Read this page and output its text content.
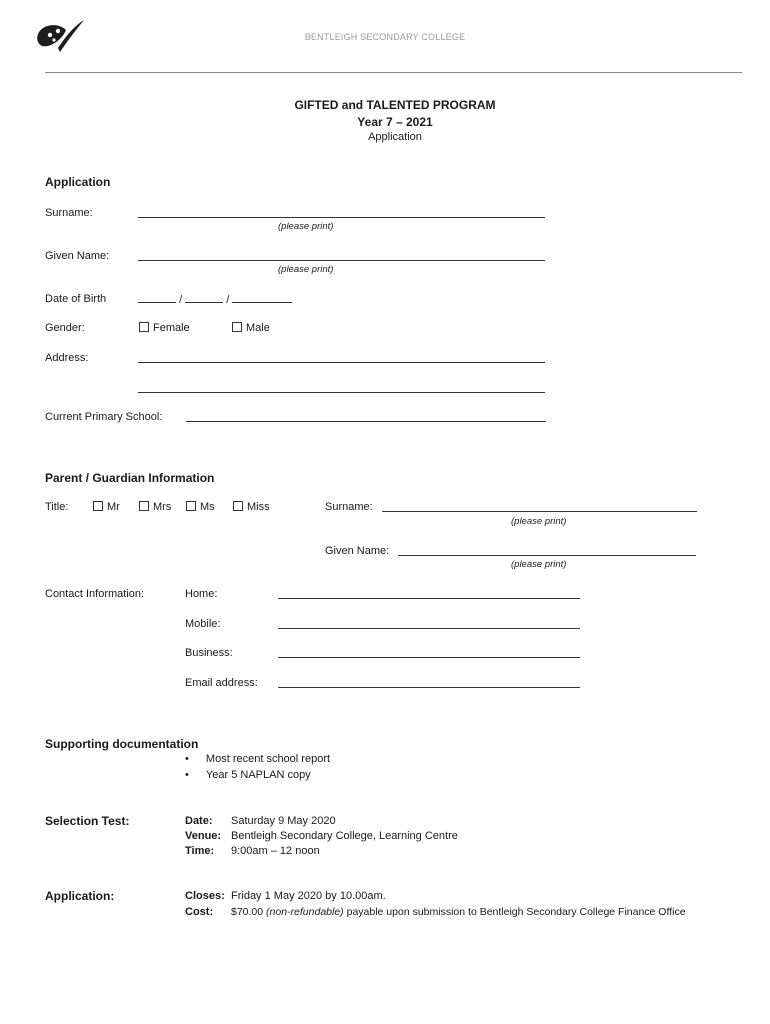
BENTLEIGH SECONDARY COLLEGE
GIFTED and TALENTED PROGRAM
Year 7 – 2021
Application
Application
Surname:
(please print)
Given Name:
(please print)
Date of Birth	/	/
Gender:	Female	Male
Address:
Current Primary School:
Parent / Guardian Information
Title:	Mr	Mrs	Ms	Miss	Surname:
(please print)
Given Name:
(please print)
Contact Information:	Home:
Mobile:
Business:
Email address:
Supporting documentation
• Most recent school report
• Year 5 NAPLAN copy
Selection Test:	Date: Saturday 9 May 2020
Venue: Bentleigh Secondary College, Learning Centre
Time: 9:00am – 12 noon
Application:	Closes: Friday 1 May 2020 by 10.00am.
Cost: $70.00 (non-refundable) payable upon submission to Bentleigh Secondary College Finance Office
